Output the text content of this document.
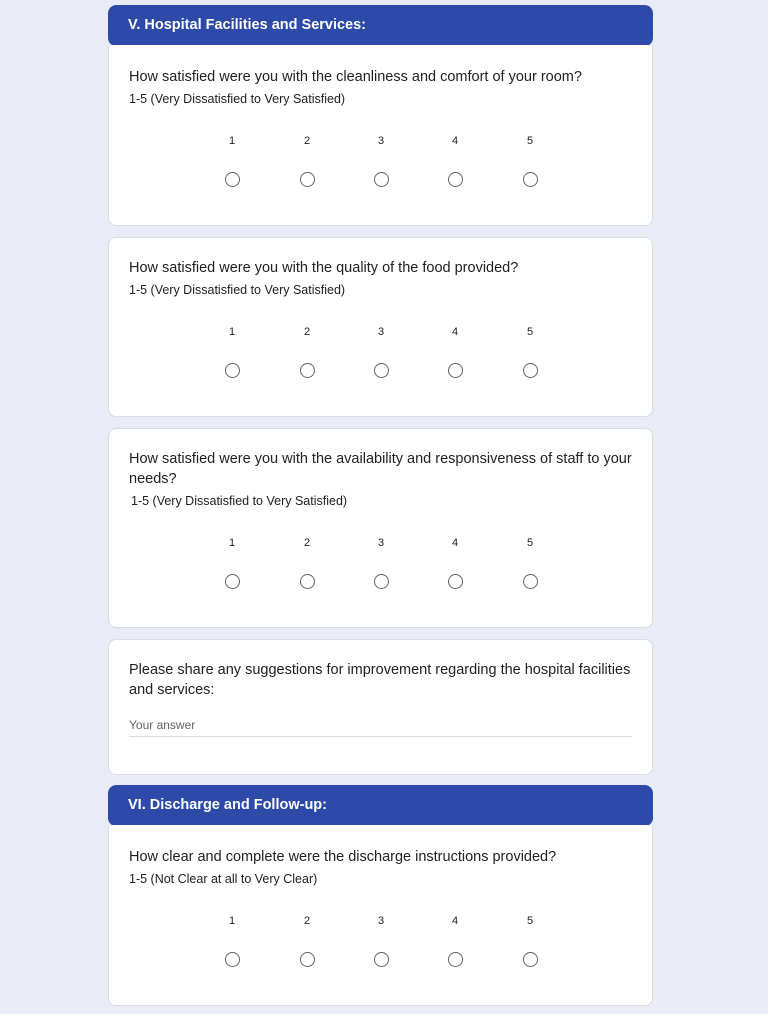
V. Hospital Facilities and Services:
How satisfied were you with the cleanliness and comfort of your room?
1-5 (Very Dissatisfied to Very Satisfied)
1	2	3	4	5
How satisfied were you with the quality of the food provided?
1-5 (Very Dissatisfied to Very Satisfied)
1	2	3	4	5
How satisfied were you with the availability and responsiveness of staff to your needs?
1-5 (Very Dissatisfied to Very Satisfied)
1	2	3	4	5
Please share any suggestions for improvement regarding the hospital facilities and services:
Your answer
VI. Discharge and Follow-up:
How clear and complete were the discharge instructions provided?
1-5 (Not Clear at all to Very Clear)
1	2	3	4	5
